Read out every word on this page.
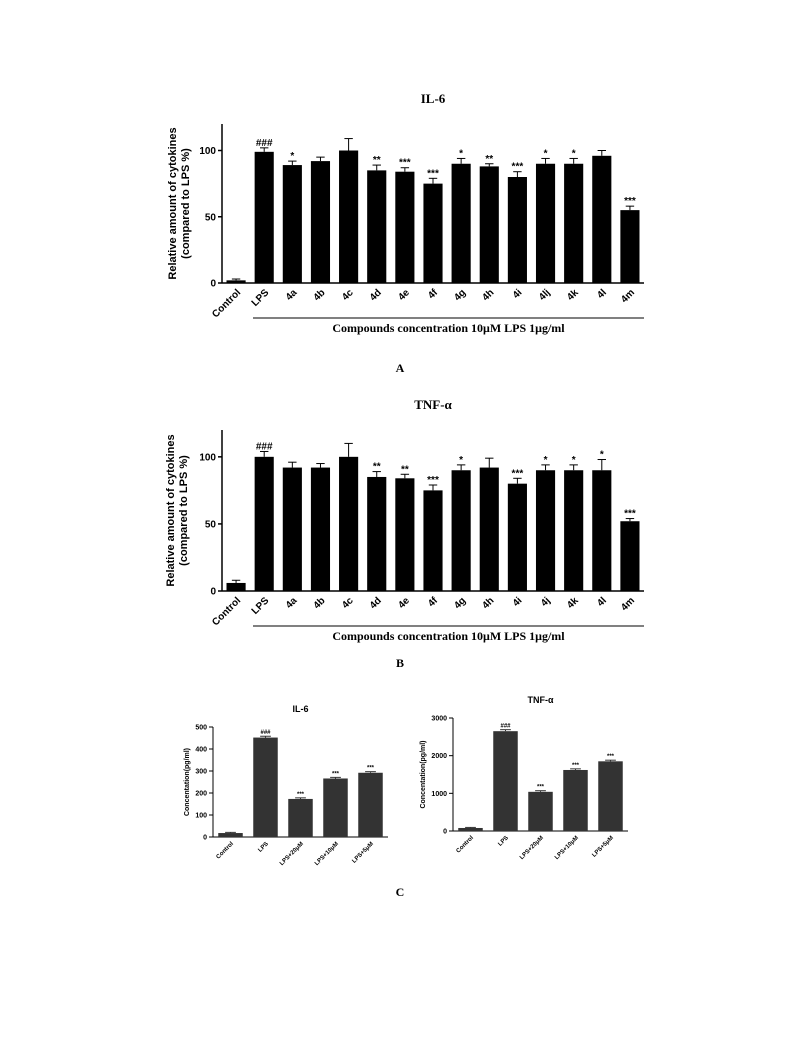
IL-6
0
50
100
Relative amount of cytokines (compared to LPS %)
Control
###
LPS
*
4a 4b 4c
**
4d
***
4e
***
4f
*
4g
**
4h
***
4i
*
4lj
*
4k 4l
***
4m
Compounds concentration 10μM LPS 1μg/ml
A
TNF-α
0
50
100
Relative amount of cytokines (compared to LPS %)
Control
###
LPS 4a 4b 4c
**
4d
**
4e
***
4f
*
4g 4h
***
4i
*
4j
*
4k
*
4l
***
4m
Compounds concentration 10μM LPS 1μg/ml
B
IL-6
0
100
200
300
400
500
Concentation(pg/ml)
Control
###
LPS
***
LPS+20μM
***
LPS+10μM
***
LPS+5μM
TNF-α
0
1000
2000
3000
Concentation(pg/ml)
Control
###
LPS
***
LPS+20μM
***
LPS+10μM
***
LPS+5μM
C
